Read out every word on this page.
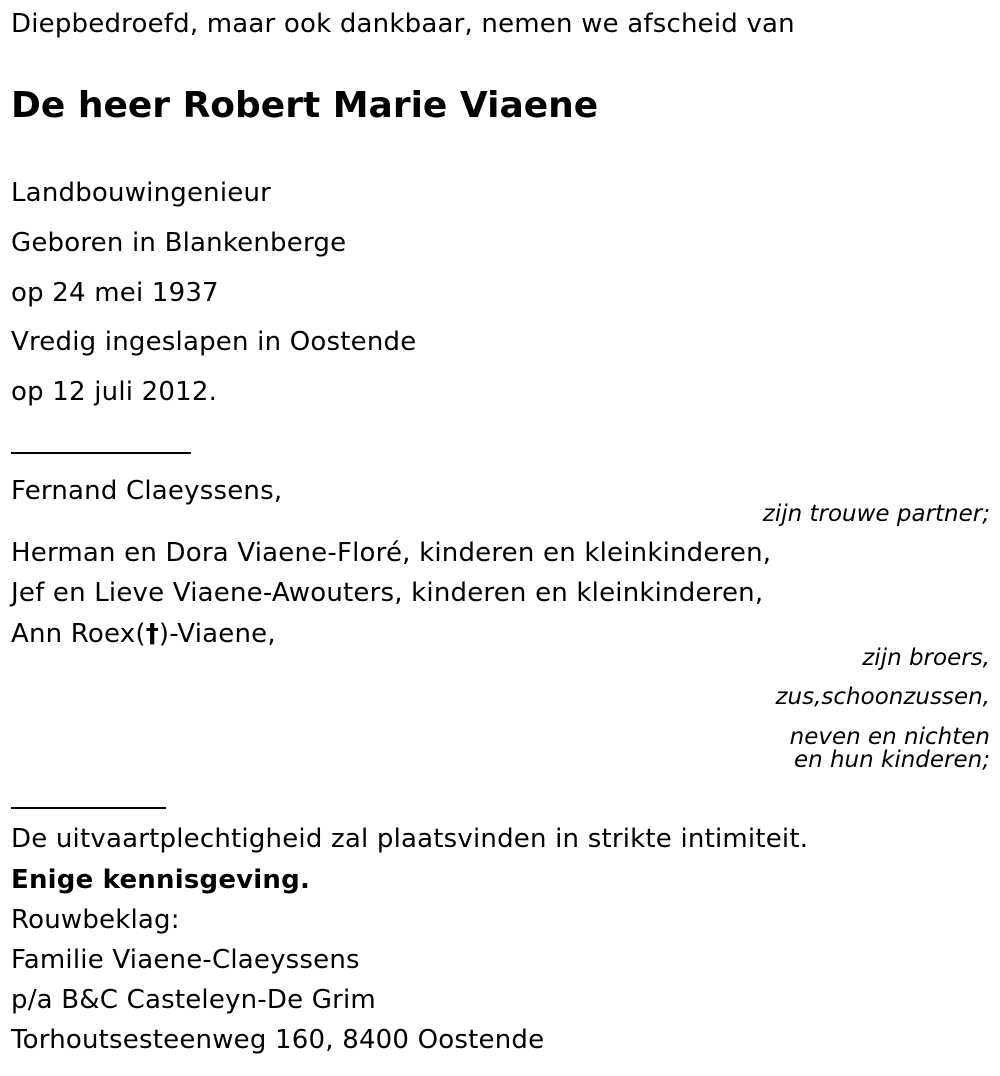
Diepbedroefd, maar ook dankbaar, nemen we afscheid van
De heer Robert Marie Viaene
Landbouwingenieur
Geboren in Blankenberge
op 24 mei 1937
Vredig ingeslapen in Oostende
op 12 juli 2012.
Fernand Claeyssens,
zijn trouwe partner;
Herman en Dora Viaene-Floré, kinderen en kleinkinderen,
Jef en Lieve Viaene-Awouters, kinderen en kleinkinderen,
Ann Roex(†)-Viaene,
zijn broers,
zus,schoonzussen,
neven en nichten
en hun kinderen;
De uitvaartplechtigheid zal plaatsvinden in strikte intimiteit.
Enige kennisgeving.
Rouwbeklag:
Familie Viaene-Claeyssens
p/a B&C Casteleyn-De Grim
Torhoutsesteenweg 160, 8400 Oostende
